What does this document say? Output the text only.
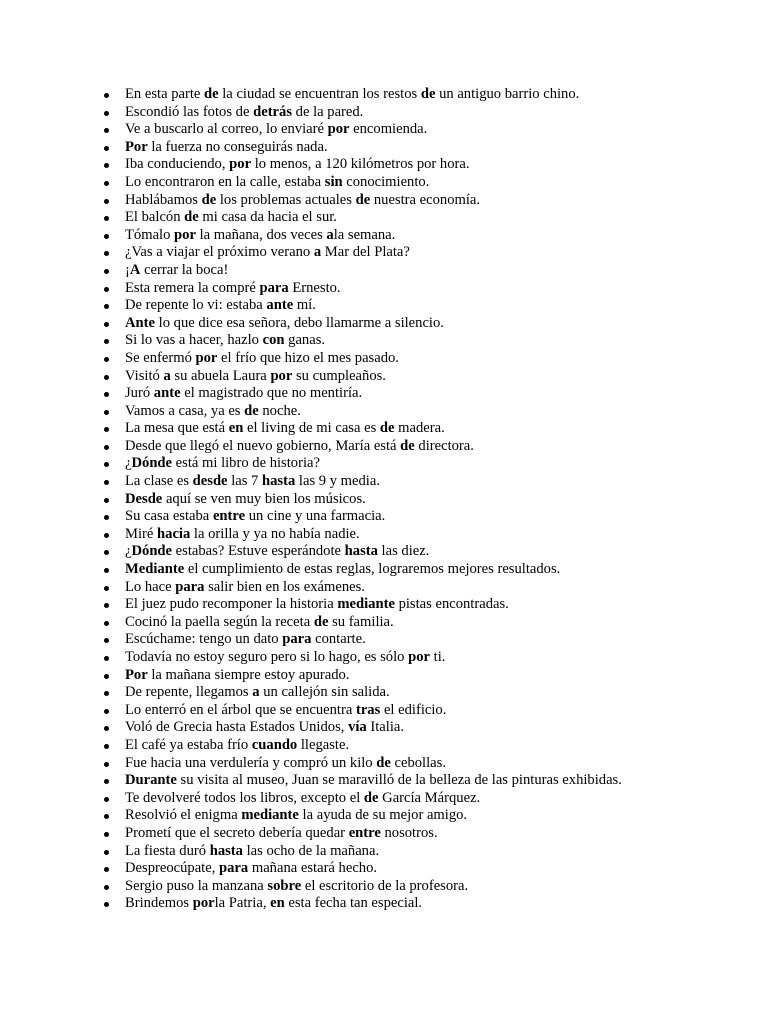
En esta parte de la ciudad se encuentran los restos de un antiguo barrio chino.
Escondió las fotos de detrás de la pared.
Ve a buscarlo al correo, lo enviaré por encomienda.
Por la fuerza no conseguirás nada.
Iba conduciendo, por lo menos, a 120 kilómetros por hora.
Lo encontraron en la calle, estaba sin conocimiento.
Hablábamos de los problemas actuales de nuestra economía.
El balcón de mi casa da hacia el sur.
Tómalo por la mañana, dos veces ala semana.
¿Vas a viajar el próximo verano a Mar del Plata?
¡A cerrar la boca!
Esta remera la compré para Ernesto.
De repente lo vi: estaba ante mí.
Ante lo que dice esa señora, debo llamarme a silencio.
Si lo vas a hacer, hazlo con ganas.
Se enfermó por el frío que hizo el mes pasado.
Visitó a su abuela Laura por su cumpleaños.
Juró ante el magistrado que no mentiría.
Vamos a casa, ya es de noche.
La mesa que está en el living de mi casa es de madera.
Desde que llegó el nuevo gobierno, María está de directora.
¿Dónde está mi libro de historia?
La clase es desde las 7 hasta las 9 y media.
Desde aquí se ven muy bien los músicos.
Su casa estaba entre un cine y una farmacia.
Miré hacia la orilla y ya no había nadie.
¿Dónde estabas? Estuve esperándote hasta las diez.
Mediante el cumplimiento de estas reglas, lograremos mejores resultados.
Lo hace para salir bien en los exámenes.
El juez pudo recomponer la historia mediante pistas encontradas.
Cocinó la paella según la receta de su familia.
Escúchame: tengo un dato para contarte.
Todavía no estoy seguro pero si lo hago, es sólo por ti.
Por la mañana siempre estoy apurado.
De repente, llegamos a un callejón sin salida.
Lo enterró en el árbol que se encuentra tras el edificio.
Voló de Grecia hasta Estados Unidos, vía Italia.
El café ya estaba frío cuando llegaste.
Fue hacia una verdulería y compró un kilo de cebollas.
Durante su visita al museo, Juan se maravilló de la belleza de las pinturas exhibidas.
Te devolveré todos los libros, excepto el de García Márquez.
Resolvió el enigma mediante la ayuda de su mejor amigo.
Prometí que el secreto debería quedar entre nosotros.
La fiesta duró hasta las ocho de la mañana.
Despreocúpate, para mañana estará hecho.
Sergio puso la manzana sobre el escritorio de la profesora.
Brindemos porla Patria, en esta fecha tan especial.
